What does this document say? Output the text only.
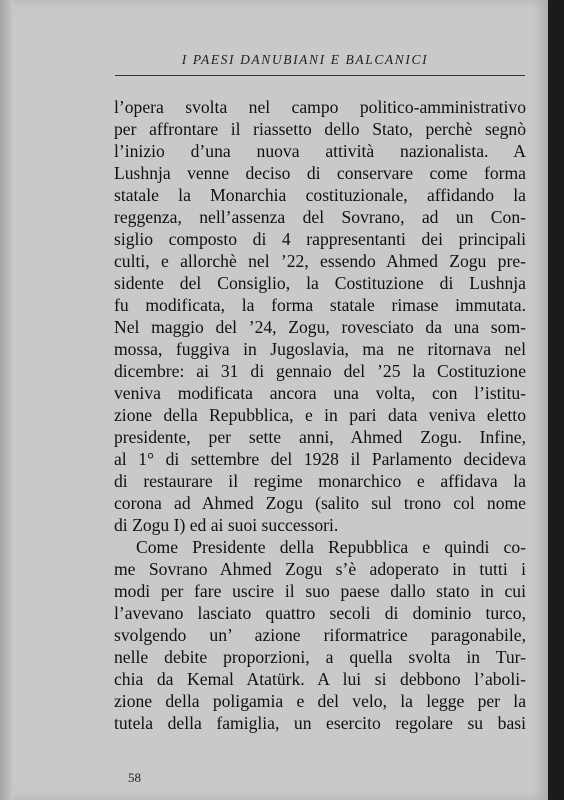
I PAESI DANUBIANI E BALCANICI
l’opera svolta nel campo politico-amministrativo
per affrontare il riassetto dello Stato, perchè segnò
l’inizio d’una nuova attività nazionalista. A
Lushnja venne deciso di conservare come forma
statale la Monarchia costituzionale, affidando la
reggenza, nell’assenza del Sovrano, ad un Con-
siglio composto di 4 rappresentanti dei principali
culti, e allorchè nel ’22, essendo Ahmed Zogu pre-
sidente del Consiglio, la Costituzione di Lushnja
fu modificata, la forma statale rimase immutata.
Nel maggio del ’24, Zogu, rovesciato da una som-
mossa, fuggiva in Jugoslavia, ma ne ritornava nel
dicembre: ai 31 di gennaio del ’25 la Costituzione
veniva modificata ancora una volta, con l’istitu-
zione della Repubblica, e in pari data veniva eletto
presidente, per sette anni, Ahmed Zogu. Infine,
al 1° di settembre del 1928 il Parlamento decideva
di restaurare il regime monarchico e affidava la
corona ad Ahmed Zogu (salito sul trono col nome
di Zogu I) ed ai suoi successori.
Come Presidente della Repubblica e quindi co-
me Sovrano Ahmed Zogu s’è adoperato in tutti i
modi per fare uscire il suo paese dallo stato in cui
l’avevano lasciato quattro secoli di dominio turco,
svolgendo un’ azione riformatrice paragonabile,
nelle debite proporzioni, a quella svolta in Tur-
chia da Kemal Atatürk. A lui si debbono l’aboli-
zione della poligamia e del velo, la legge per la
tutela della famiglia, un esercito regolare su basi
58
